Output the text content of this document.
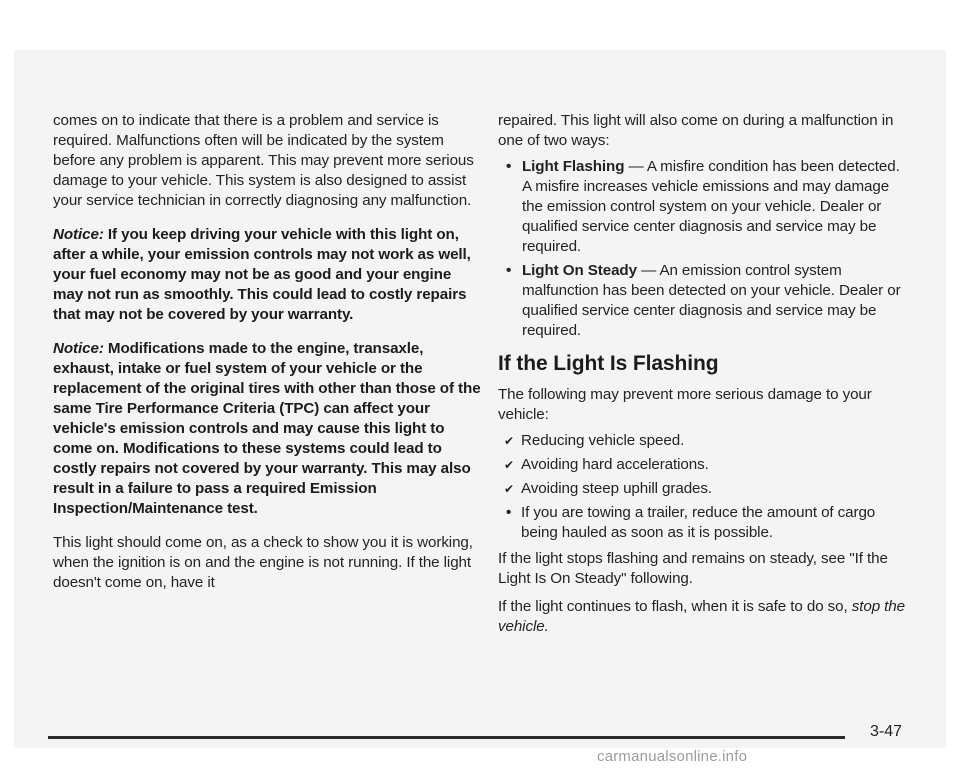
comes on to indicate that there is a problem and service is required. Malfunctions often will be indicated by the system before any problem is apparent. This may prevent more serious damage to your vehicle. This system is also designed to assist your service technician in correctly diagnosing any malfunction.

Notice: If you keep driving your vehicle with this light on, after a while, your emission controls may not work as well, your fuel economy may not be as good and your engine may not run as smoothly. This could lead to costly repairs that may not be covered by your warranty.

Notice: Modifications made to the engine, transaxle, exhaust, intake or fuel system of your vehicle or the replacement of the original tires with other than those of the same Tire Performance Criteria (TPC) can affect your vehicle's emission controls and may cause this light to come on. Modifications to these systems could lead to costly repairs not covered by your warranty. This may also result in a failure to pass a required Emission Inspection/Maintenance test.

This light should come on, as a check to show you it is working, when the ignition is on and the engine is not running. If the light doesn't come on, have it

repaired. This light will also come on during a malfunction in one of two ways:

• Light Flashing — A misfire condition has been detected. A misfire increases vehicle emissions and may damage the emission control system on your vehicle. Dealer or qualified service center diagnosis and service may be required.
• Light On Steady — An emission control system malfunction has been detected on your vehicle. Dealer or qualified service center diagnosis and service may be required.
If the Light Is Flashing

The following may prevent more serious damage to your vehicle:

✔ Reducing vehicle speed.
✔ Avoiding hard accelerations.
✔ Avoiding steep uphill grades.
• If you are towing a trailer, reduce the amount of cargo being hauled as soon as it is possible.

If the light stops flashing and remains on steady, see "If the Light Is On Steady" following.

If the light continues to flash, when it is safe to do so, stop the vehicle.

3-47
carmanualsonline.info
